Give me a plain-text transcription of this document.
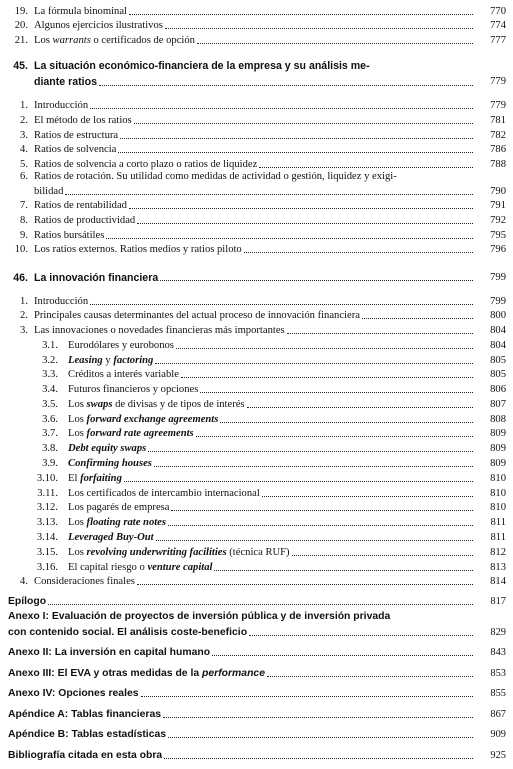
19. La fórmula binominal	770
20. Algunos ejercicios ilustrativos	774
21. Los warrants o certificados de opción	777
45. La situación económico-financiera de la empresa y su análisis me-
diante ratios	779
1. Introducción	779
2. El método de los ratios	781
3. Ratios de estructura	782
4. Ratios de solvencia	786
5. Ratios de solvencia a corto plazo o ratios de liquidez	788
6. Ratios de rotación. Su utilidad como medidas de actividad o gestión, liquidez y exigi-
bilidad	790
7. Ratios de rentabilidad	791
8. Ratios de productividad	792
9. Ratios bursátiles	795
10. Los ratios externos. Ratios medios y ratios piloto	796
46. La innovación financiera	799
1. Introducción	799
2. Principales causas determinantes del actual proceso de innovación financiera	800
3. Las innovaciones o novedades financieras más importantes	804
3.1. Eurodólares y eurobonos	804
3.2. Leasing y factoring	805
3.3. Créditos a interés variable	805
3.4. Futuros financieros y opciones	806
3.5. Los swaps de divisas y de tipos de interés	807
3.6. Los forward exchange agreements	808
3.7. Los forward rate agreements	809
3.8. Debt equity swaps	809
3.9. Confirming houses	809
3.10. El forfaiting	810
3.11. Los certificados de intercambio internacional	810
3.12. Los pagarés de empresa	810
3.13. Los floating rate notes	811
3.14. Leveraged Buy-Out	811
3.15. Los revolving underwriting facilities (técnica RUF)	812
3.16. El capital riesgo o venture capital	813
4. Consideraciones finales	814
Epílogo	817
Anexo I: Evaluación de proyectos de inversión pública y de inversión privada
con contenido social. El análisis coste-beneficio	829
Anexo II: La inversión en capital humano	843
Anexo III: El EVA y otras medidas de la performance	853
Anexo IV: Opciones reales	855
Apéndice A: Tablas financieras	867
Apéndice B: Tablas estadísticas	909
Bibliografía citada en esta obra	925
